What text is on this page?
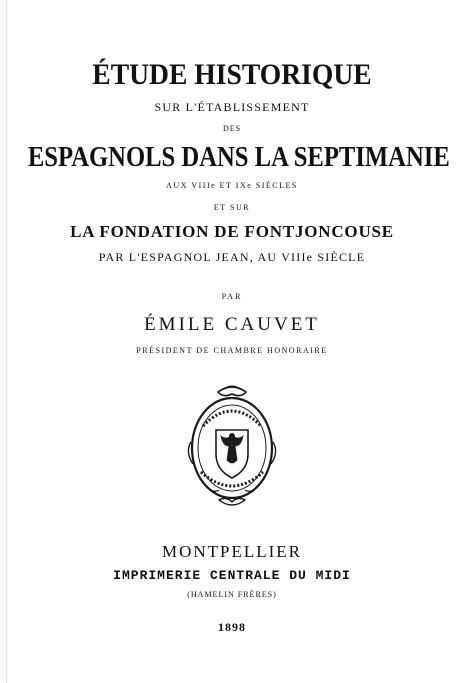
ÉTUDE HISTORIQUE
SUR L'ÉTABLISSEMENT
DES
ESPAGNOLS DANS LA SEPTIMANIE
AUX VIIIe ET IXe SIÈCLES
ET SUR
LA FONDATION DE FONTJONCOUSE
PAR L'ESPAGNOL JEAN, AU VIIIe SIÈCLE
PAR
ÉMILE CAUVET
PRÉSIDENT DE CHAMBRE HONORAIRE
MONTPELLIER
IMPRIMERIE CENTRALE DU MIDI
(HAMELIN FRÈRES)
1898
